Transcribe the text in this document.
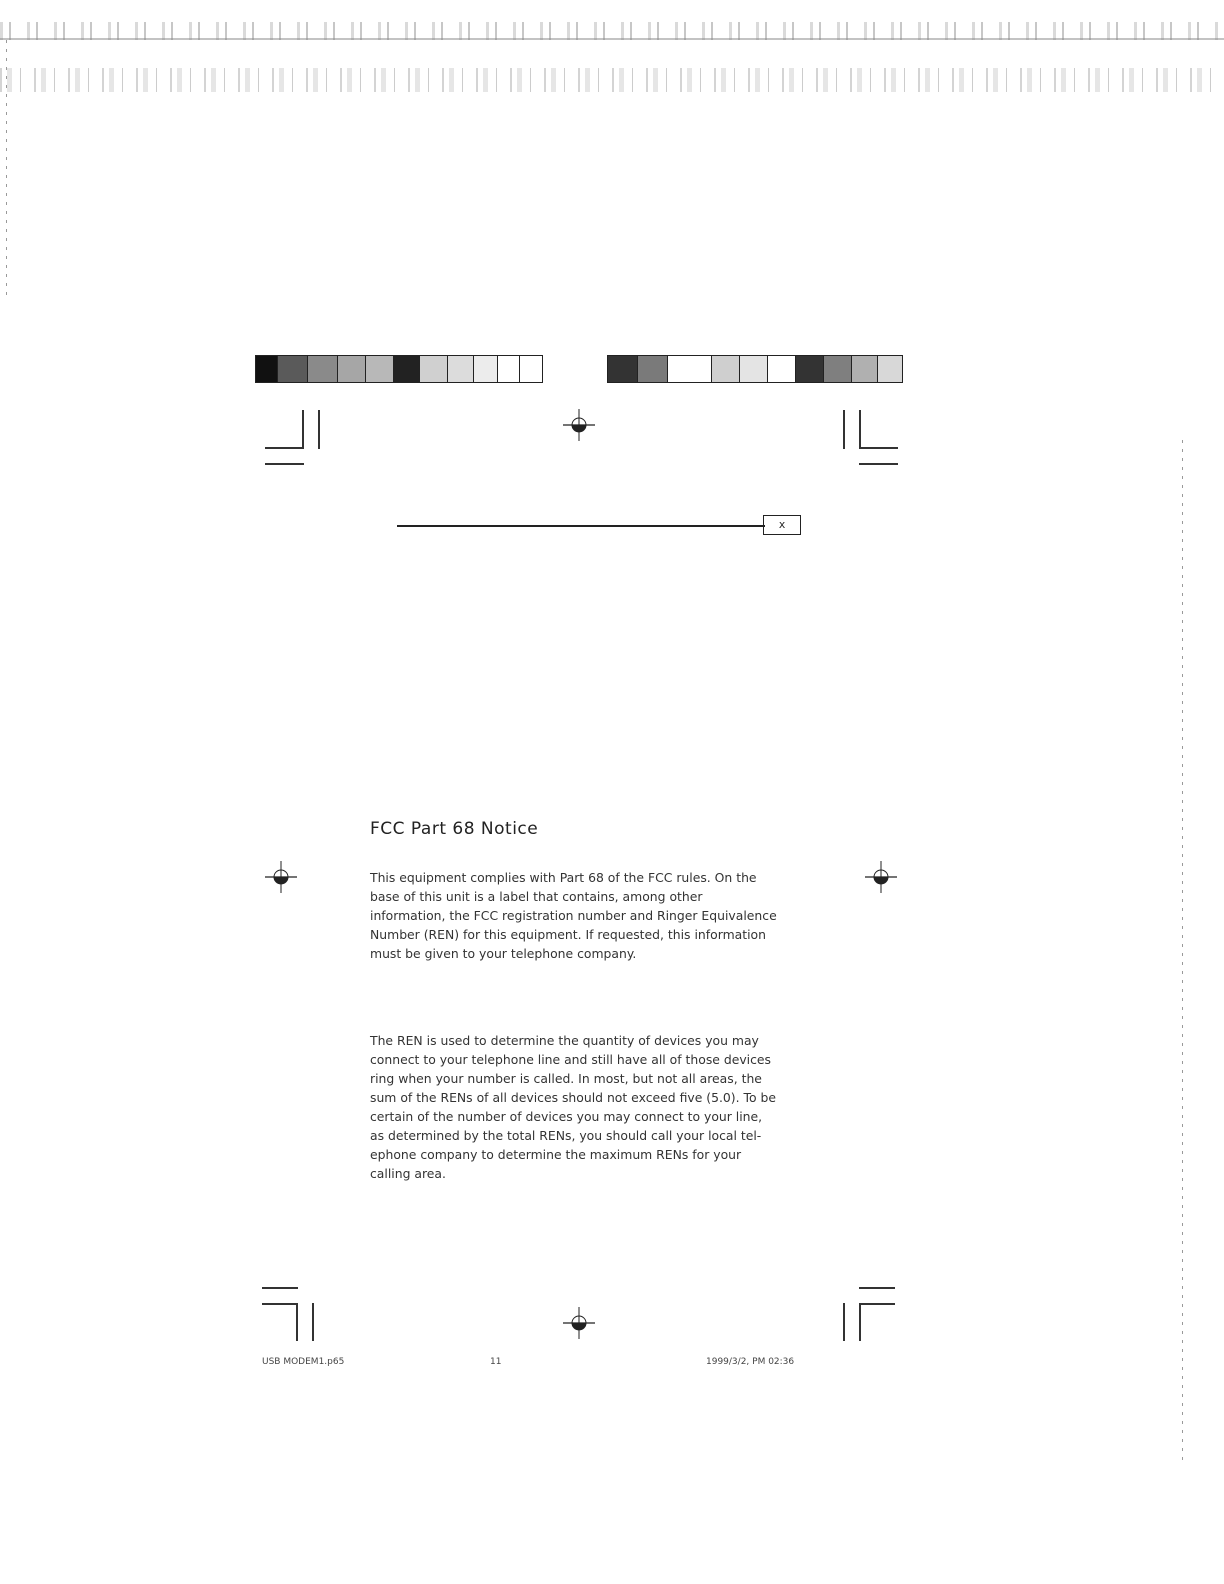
x
FCC Part 68 Notice

This equipment complies with Part 68 of the FCC rules. On the base of this unit is a label that contains, among other information, the FCC registration number and Ringer Equivalence Number (REN) for this equipment. If requested, this information must be given to your telephone company.

The REN is used to determine the quantity of devices you may connect to your telephone line and still have all of those devices ring when your number is called. In most, but not all areas, the sum of the RENs of all devices should not exceed five (5.0). To be certain of the number of devices you may connect to your line, as determined by the total RENs, you should call your local tel-ephone company to determine the maximum RENs for your calling area.

USB MODEM1.p65	11	1999/3/2, PM 02:36
